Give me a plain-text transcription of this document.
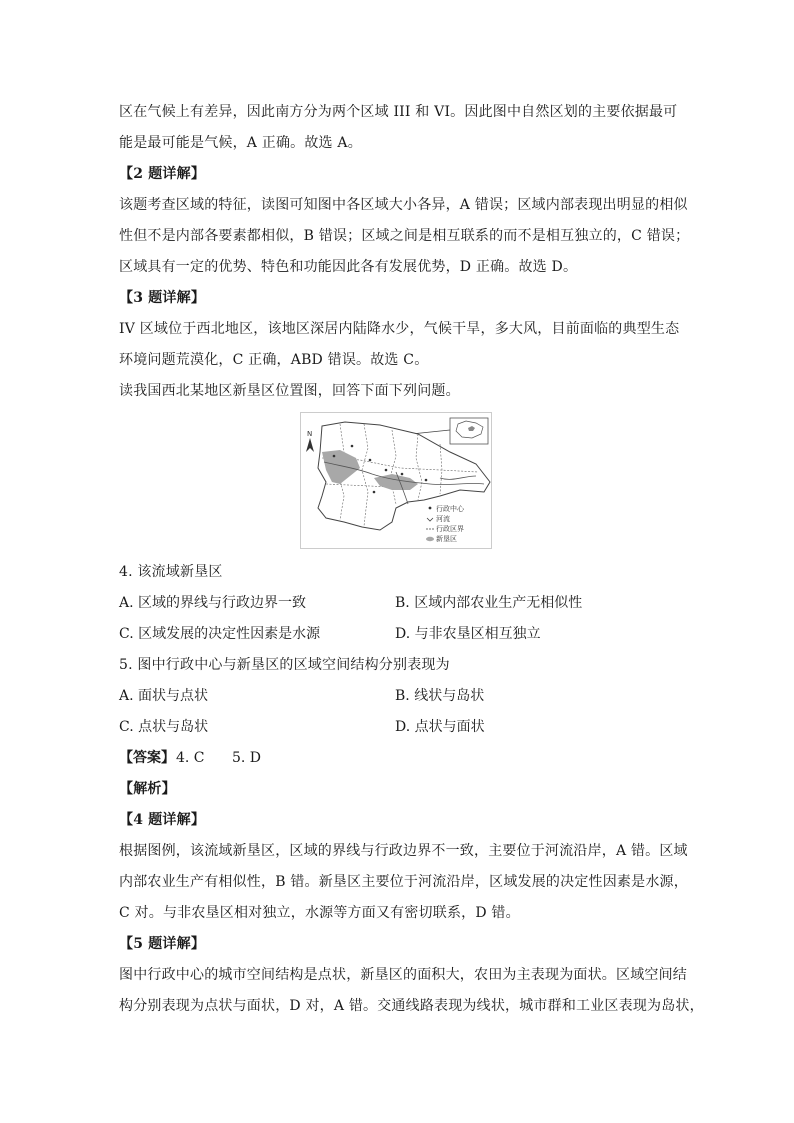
区在气候上有差异，因此南方分为两个区域 III 和 VI。因此图中自然区划的主要依据最可
能是最可能是气候，A 正确。故选 A。
【2 题详解】
该题考查区域的特征，读图可知图中各区域大小各异，A 错误；区域内部表现出明显的相似
性但不是内部各要素都相似，B 错误；区域之间是相互联系的而不是相互独立的，C 错误；
区域具有一定的优势、特色和功能因此各有发展优势，D 正确。故选 D。
【3 题详解】
IV 区域位于西北地区，该地区深居内陆降水少，气候干旱，多大风，目前面临的典型生态
环境问题荒漠化，C 正确，ABD 错误。故选 C。
读我国西北某地区新垦区位置图，回答下面下列问题。
N
行政中心
河流
行政区界
新垦区
4. 该流域新垦区
A. 区域的界线与行政边界一致	B. 区域内部农业生产无相似性
C. 区域发展的决定性因素是水源	D. 与非农垦区相互独立
5. 图中行政中心与新垦区的区域空间结构分别表现为
A. 面状与点状	B. 线状与岛状
C. 点状与岛状	D. 点状与面状
【答案】 4. C 5. D
【解析】
【4 题详解】
根据图例，该流域新垦区，区域的界线与行政边界不一致，主要位于河流沿岸，A 错。区域
内部农业生产有相似性，B 错。新垦区主要位于河流沿岸，区域发展的决定性因素是水源，
C 对。与非农垦区相对独立，水源等方面又有密切联系，D 错。
【5 题详解】
图中行政中心的城市空间结构是点状，新垦区的面积大，农田为主表现为面状。区域空间结
构分别表现为点状与面状，D 对，A 错。交通线路表现为线状，城市群和工业区表现为岛状，
